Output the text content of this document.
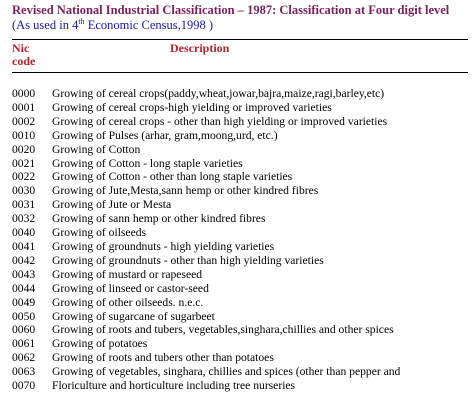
Revised National Industrial Classification – 1987: Classification at Four digit level
(As used in 4th Economic Census,1998 )
Nic
code
Description
0000	Growing of cereal crops(paddy,wheat,jowar,bajra,maize,ragi,barley,etc)
0001	Growing of cereal crops-high yielding or improved varieties
0002	Growing of cereal crops - other than high yielding or improved varieties
0010	Growing of Pulses (arhar, gram,moong,urd, etc.)
0020	Growing of Cotton
0021	Growing of Cotton - long staple varieties
0022	Growing of Cotton - other than long staple varieties
0030	Growing of Jute,Mesta,sann hemp or other kindred fibres
0031	Growing of Jute or Mesta
0032	Growing of sann hemp or other kindred fibres
0040	Growing of oilseeds
0041	Growing of groundnuts - high yielding varieties
0042	Growing of groundnuts - other than high yielding varieties
0043	Growing of mustard or rapeseed
0044	Growing of linseed or castor-seed
0049	Growing of other oilseeds. n.e.c.
0050	Growing of sugarcane of sugarbeet
0060	Growing of roots and tubers, vegetables,singhara,chillies and other spices
0061	Growing of potatoes
0062	Growing of roots and tubers other than potatoes
0063	Growing of vegetables, singhara, chillies and spices (other than pepper and
0070	Floriculture and horticulture including tree nurseries
